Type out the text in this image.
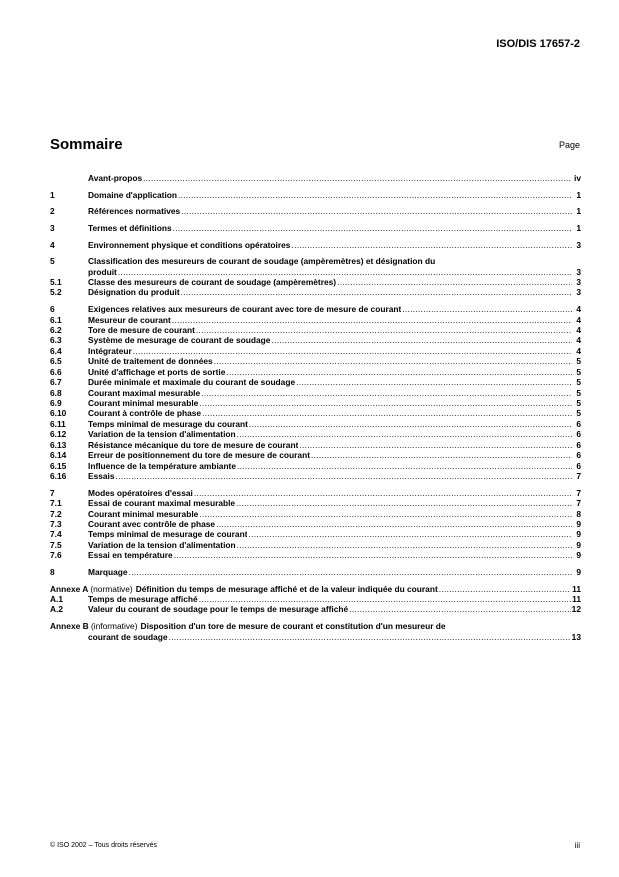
ISO/DIS 17657-2
Sommaire	Page
Avant-propos .....	iv
1	Domaine d'application .....	1
2	Références normatives .....	1
3	Termes et définitions .....	1
4	Environnement physique et conditions opératoires .....	3
5	Classification des mesureurs de courant de soudage (ampèremètres) et désignation du
produit .....	3
5.1	Classe des mesureurs de courant de soudage (ampèremètres) .....	3
5.2	Désignation du produit .....	3
6	Exigences relatives aux mesureurs de courant avec tore de mesure de courant .....	4
6.1	Mesureur de courant .....	4
6.2	Tore de mesure de courant .....	4
6.3	Système de mesurage de courant de soudage .....	4
6.4	Intégrateur .....	4
6.5	Unité de traitement de données .....	5
6.6	Unité d'affichage et ports de sortie .....	5
6.7	Durée minimale et maximale du courant de soudage .....	5
6.8	Courant maximal mesurable .....	5
6.9	Courant minimal mesurable .....	5
6.10	Courant à contrôle de phase .....	5
6.11	Temps minimal de mesurage du courant .....	6
6.12	Variation de la tension d'alimentation .....	6
6.13	Résistance mécanique du tore de mesure de courant .....	6
6.14	Erreur de positionnement du tore de mesure de courant .....	6
6.15	Influence de la température ambiante .....	6
6.16	Essais .....	7
7	Modes opératoires d'essai .....	7
7.1	Essai de courant maximal mesurable .....	7
7.2	Courant minimal mesurable .....	8
7.3	Courant avec contrôle de phase .....	9
7.4	Temps minimal de mesurage de courant .....	9
7.5	Variation de la tension d'alimentation .....	9
7.6	Essai en température .....	9
8	Marquage .....	9
Annexe A (normative) Définition du temps de mesurage affiché et de la valeur indiquée du courant .....	11
A.1	Temps de mesurage affiché .....	11
A.2	Valeur du courant de soudage pour le temps de mesurage affiché .....	12
Annexe B (informative) Disposition d'un tore de mesure de courant et constitution d'un mesureur de
courant de soudage .....	13
© ISO 2002 – Tous droits réservés	iii
